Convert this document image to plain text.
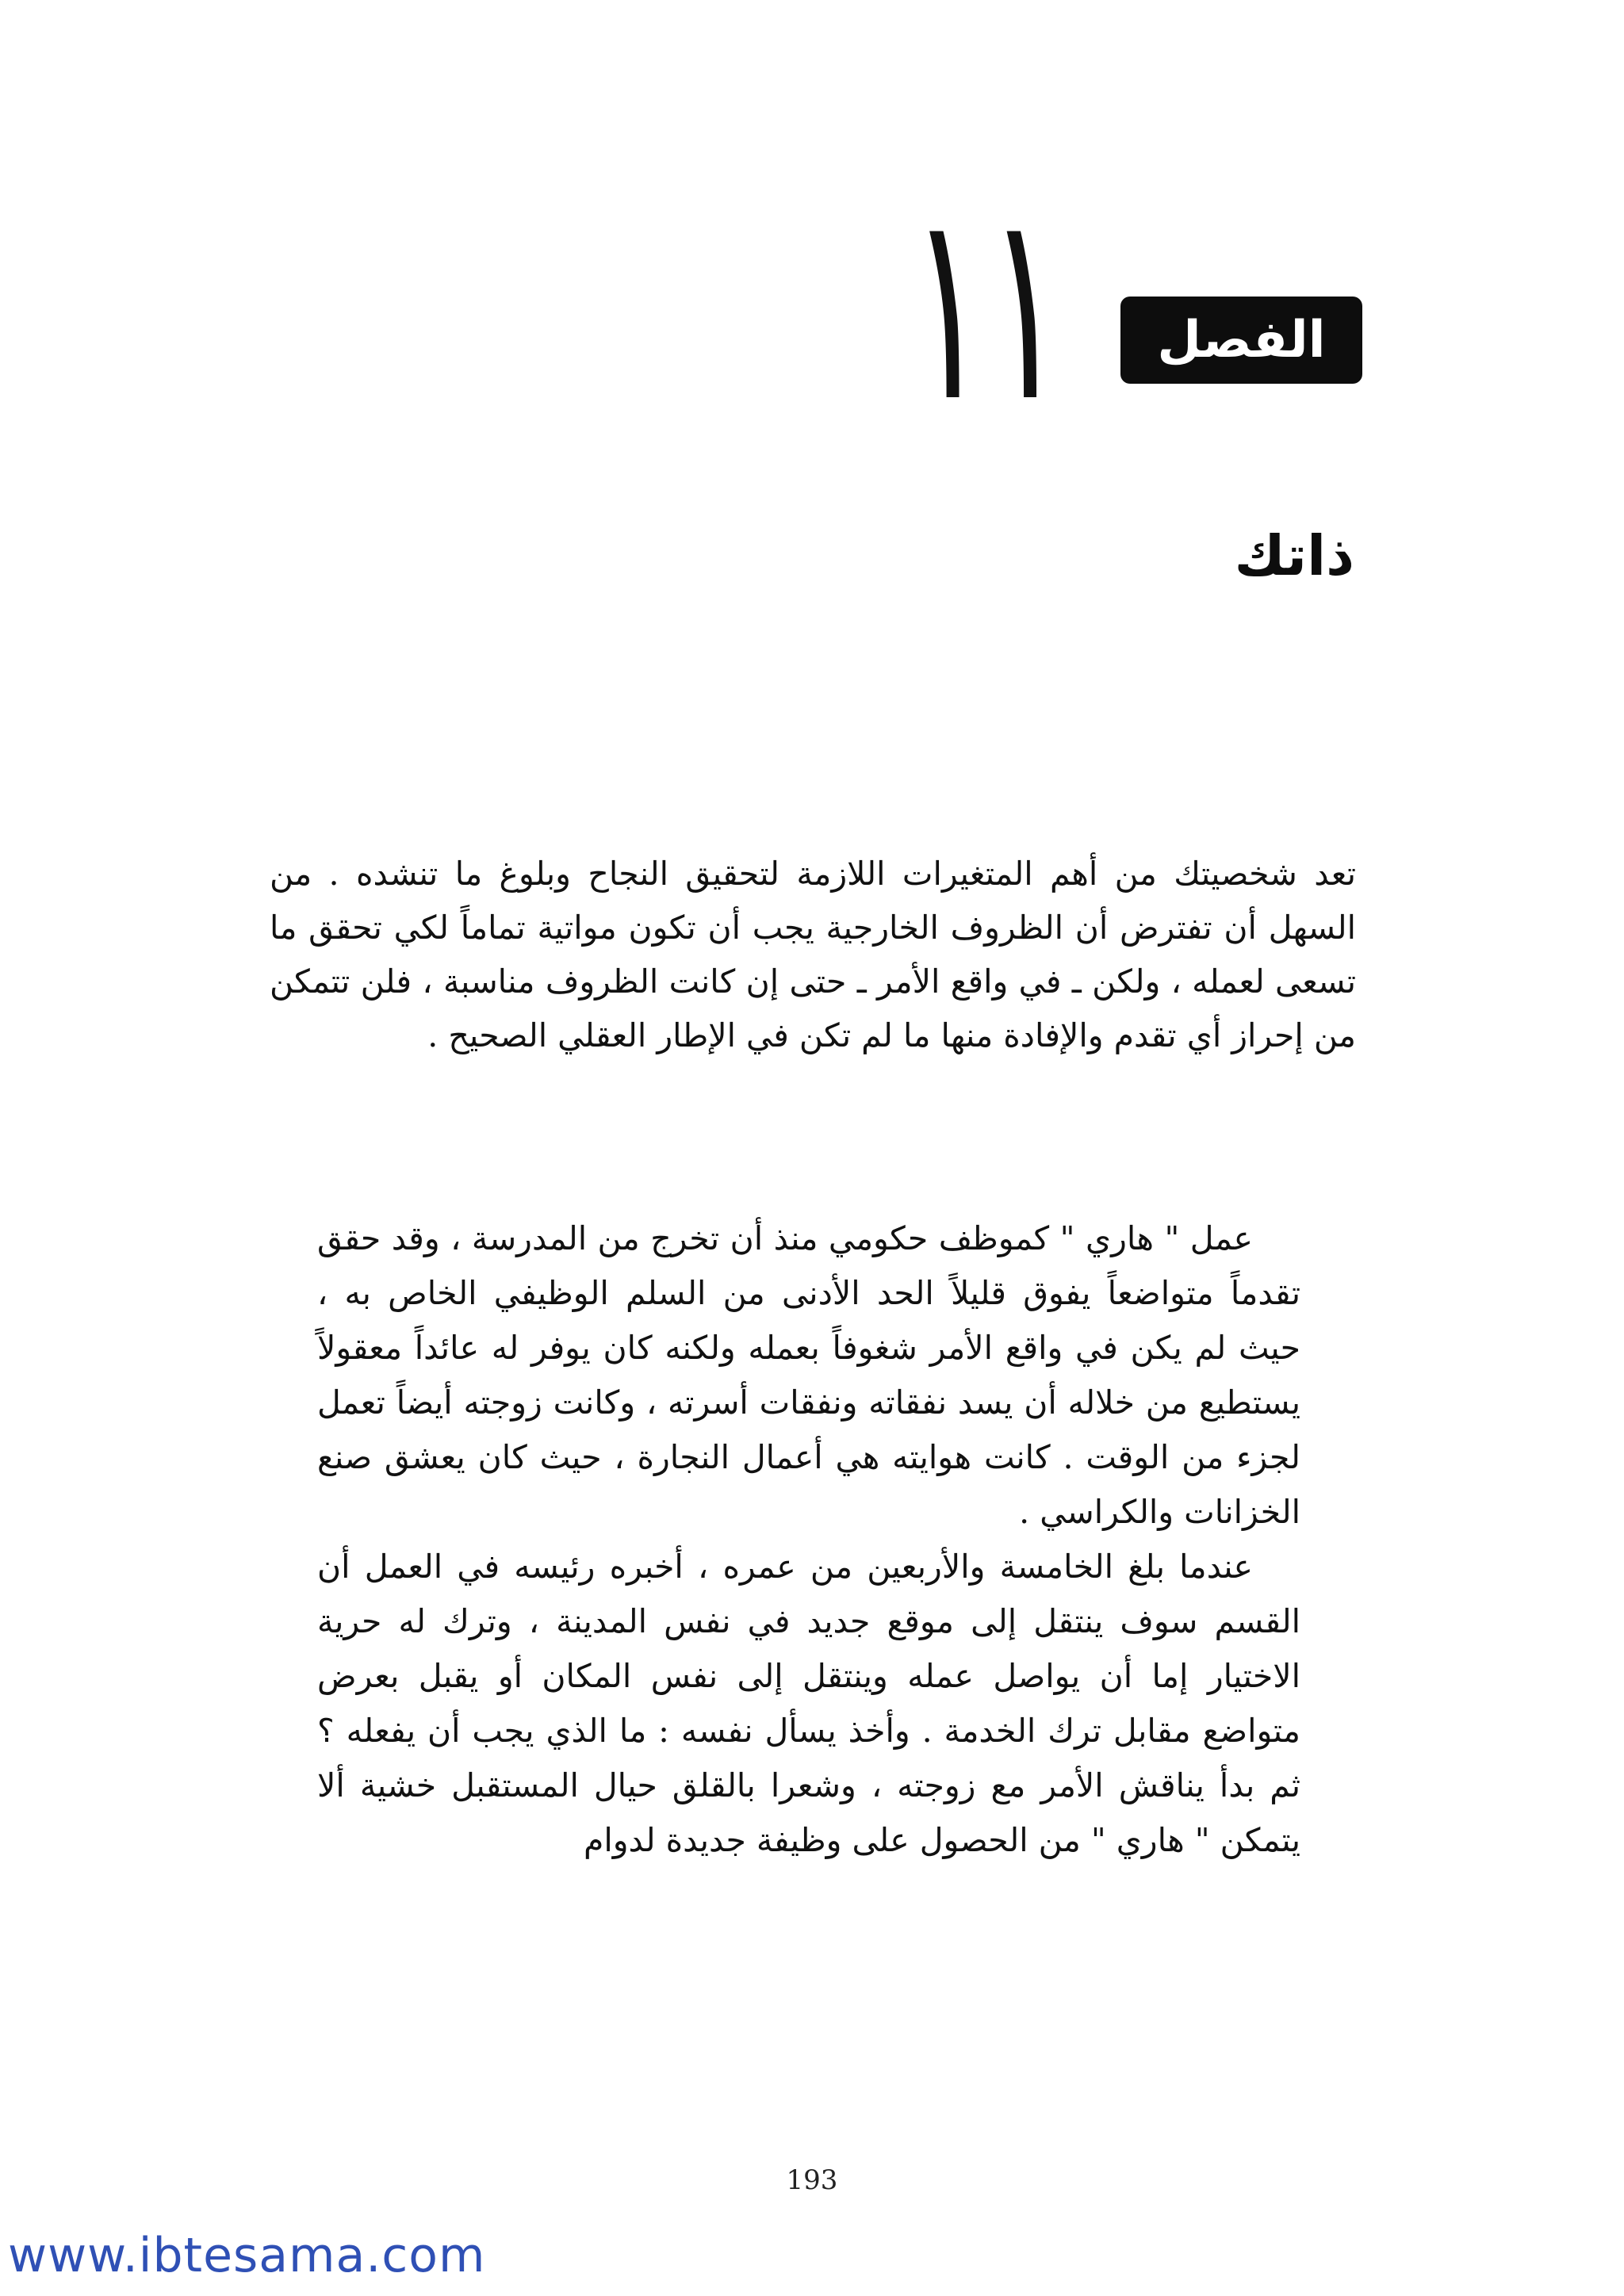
١١	الفصل
ذاتك

تعد شخصيتك من أهم المتغيرات اللازمة لتحقيق النجاح وبلوغ ما تنشده . من السهل أن تفترض أن الظروف الخارجية يجب أن تكون مواتية تماماً لكي تحقق ما تسعى لعمله ، ولكن ـ في واقع الأمر ـ حتى إن كانت الظروف مناسبة ، فلن تتمكن من إحراز أي تقدم والإفادة منها ما لم تكن في الإطار العقلي الصحيح .

عمل " هاري " كموظف حكومي منذ أن تخرج من المدرسة ، وقد حقق تقدماً متواضعاً يفوق قليلاً الحد الأدنى من السلم الوظيفي الخاص به ، حيث لم يكن في واقع الأمر شغوفاً بعمله ولكنه كان يوفر له عائداً معقولاً يستطيع من خلاله أن يسد نفقاته ونفقات أسرته ، وكانت زوجته أيضاً تعمل لجزء من الوقت . كانت هوايته هي أعمال النجارة ، حيث كان يعشق صنع الخزانات والكراسي .

عندما بلغ الخامسة والأربعين من عمره ، أخبره رئيسه في العمل أن القسم سوف ينتقل إلى موقع جديد في نفس المدينة ، وترك له حرية الاختيار إما أن يواصل عمله وينتقل إلى نفس المكان أو يقبل بعرض متواضع مقابل ترك الخدمة . وأخذ يسأل نفسه : ما الذي يجب أن يفعله ؟ ثم بدأ يناقش الأمر مع زوجته ، وشعرا بالقلق حيال المستقبل خشية ألا يتمكن " هاري " من الحصول على وظيفة جديدة لدوام

193
www.ibtesama.com
